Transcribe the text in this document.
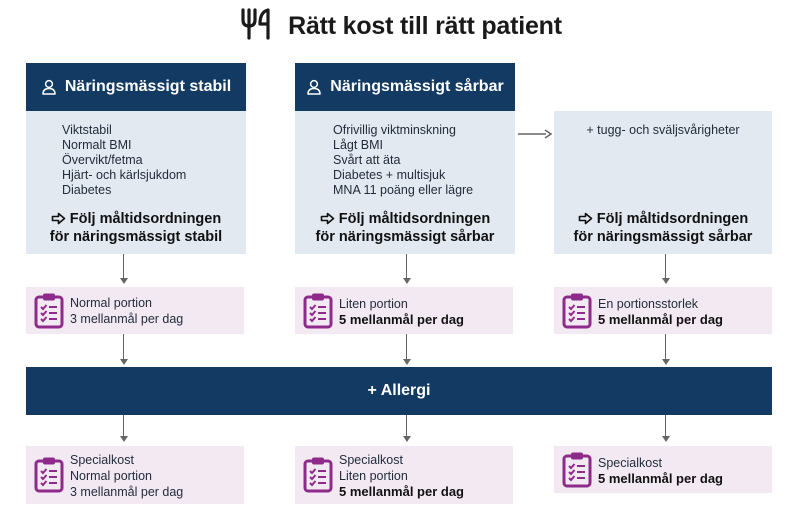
Rätt kost till rätt patient
Näringsmässigt stabil	Näringsmässigt sårbar
Viktstabil
Normalt BMI
Övervikt/fetma
Hjärt- och kärlsjukdom
Diabetes
Följ måltidsordningen
för näringsmässigt stabil
Ofrivillig viktminskning
Lågt BMI
Svårt att äta
Diabetes + multisjuk
MNA 11 poäng eller lägre
Följ måltidsordningen
för näringsmässigt sårbar
+ tugg- och sväljsvårigheter
Följ måltidsordningen
för näringsmässigt sårbar
Normal portion
3 mellanmål per dag
Liten portion
5 mellanmål per dag
En portionsstorlek
5 mellanmål per dag
+ Allergi
Specialkost
Normal portion
3 mellanmål per dag
Specialkost
Liten portion
5 mellanmål per dag
Specialkost
5 mellanmål per dag
